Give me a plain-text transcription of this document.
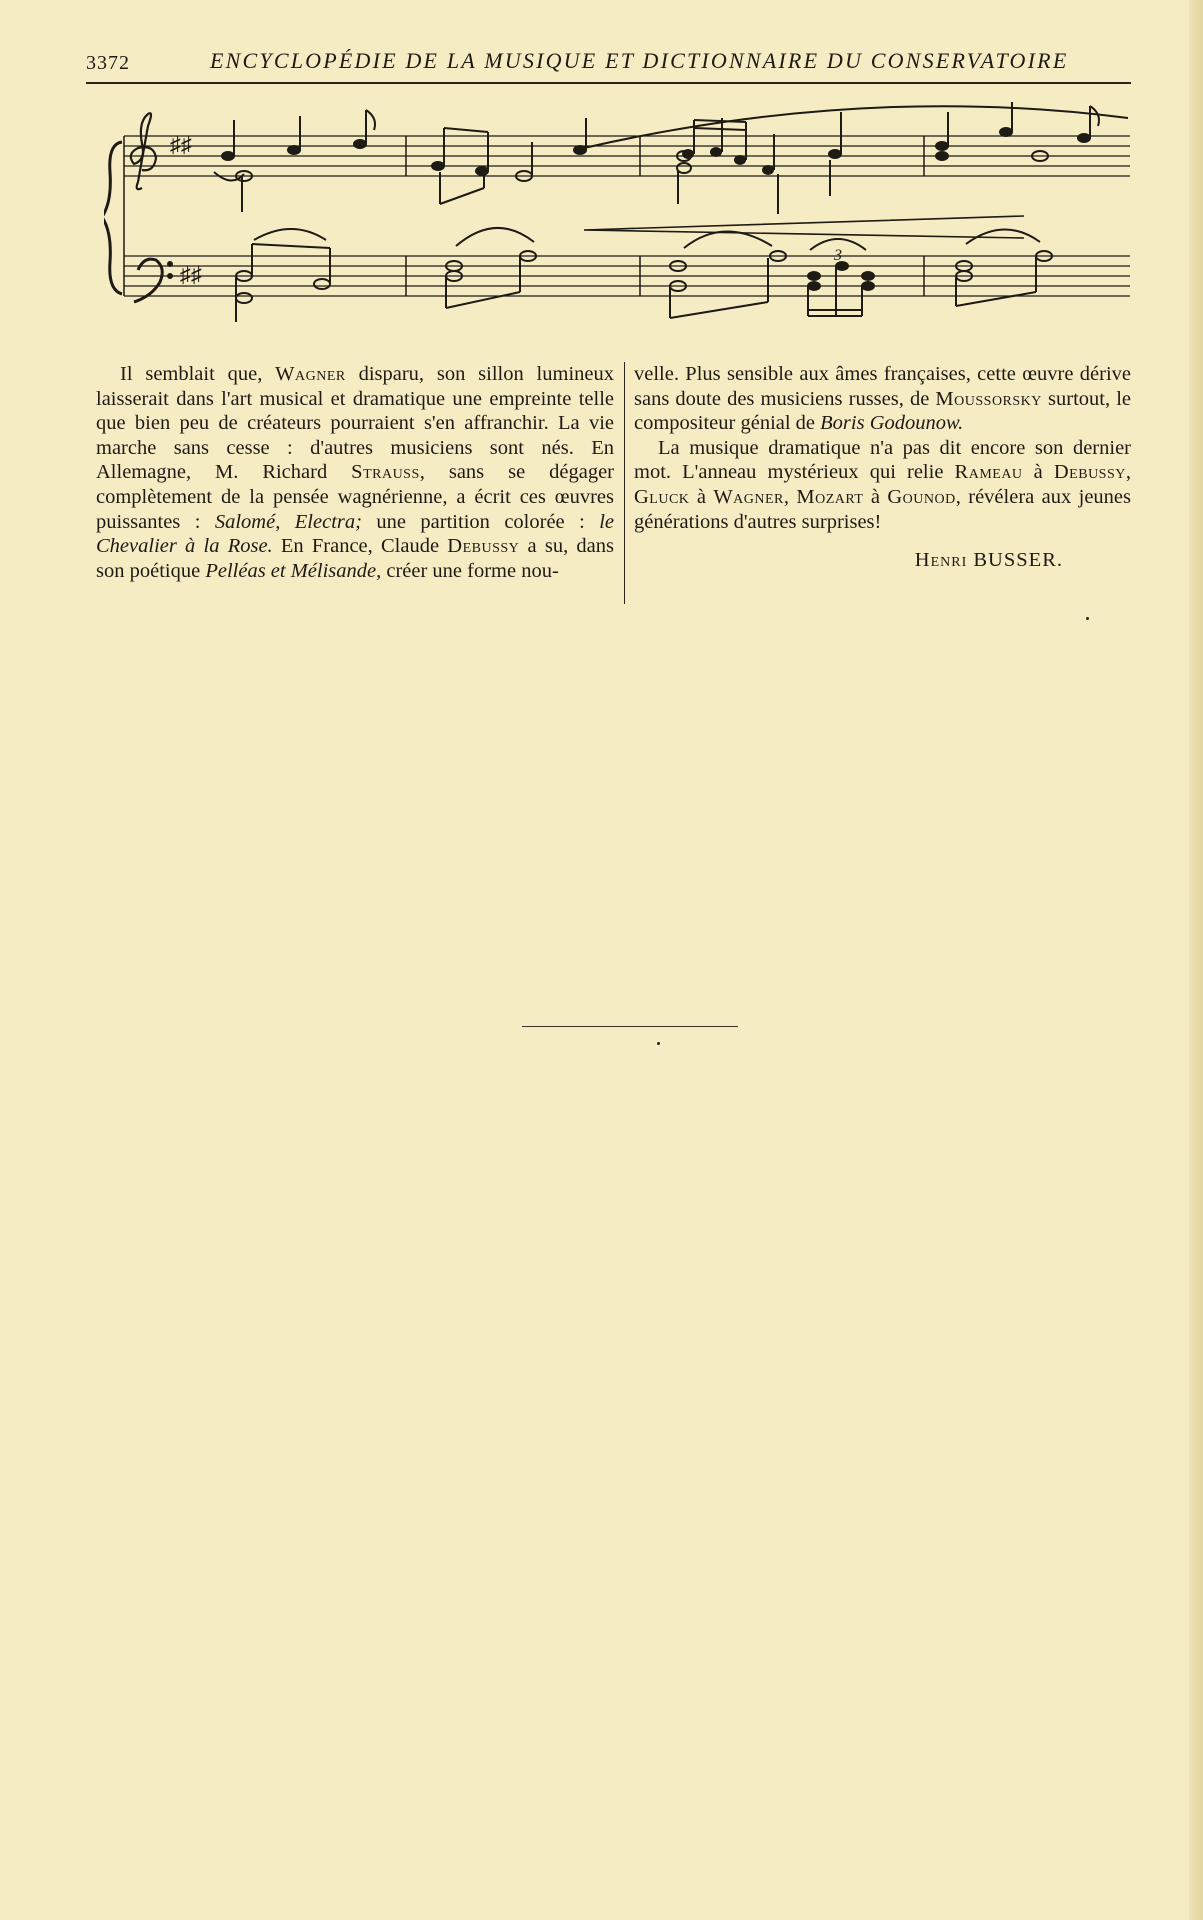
3372	ENCYCLOPÉDIE DE LA MUSIQUE ET DICTIONNAIRE DU CONSERVATOIRE
♯♯
♯♯
3

Il semblait que, Wagner disparu, son sillon lumineux laisserait dans l'art musical et dramatique une empreinte telle que bien peu de créateurs pourraient s'en affranchir. La vie marche sans cesse : d'autres musiciens sont nés. En Allemagne, M. Richard Strauss, sans se dégager complètement de la pensée wagnérienne, a écrit ces œuvres puissantes : Salomé, Electra; une partition colorée : le Chevalier à la Rose. En France, Claude Debussy a su, dans son poétique Pelléas et Mélisande, créer une forme nou-

velle. Plus sensible aux âmes françaises, cette œuvre dérive sans doute des musiciens russes, de Moussorsky surtout, le compositeur génial de Boris Godounow.

La musique dramatique n'a pas dit encore son dernier mot. L'anneau mystérieux qui relie Rameau à Debussy, Gluck à Wagner, Mozart à Gounod, révélera aux jeunes générations d'autres surprises!

Henri BUSSER.
